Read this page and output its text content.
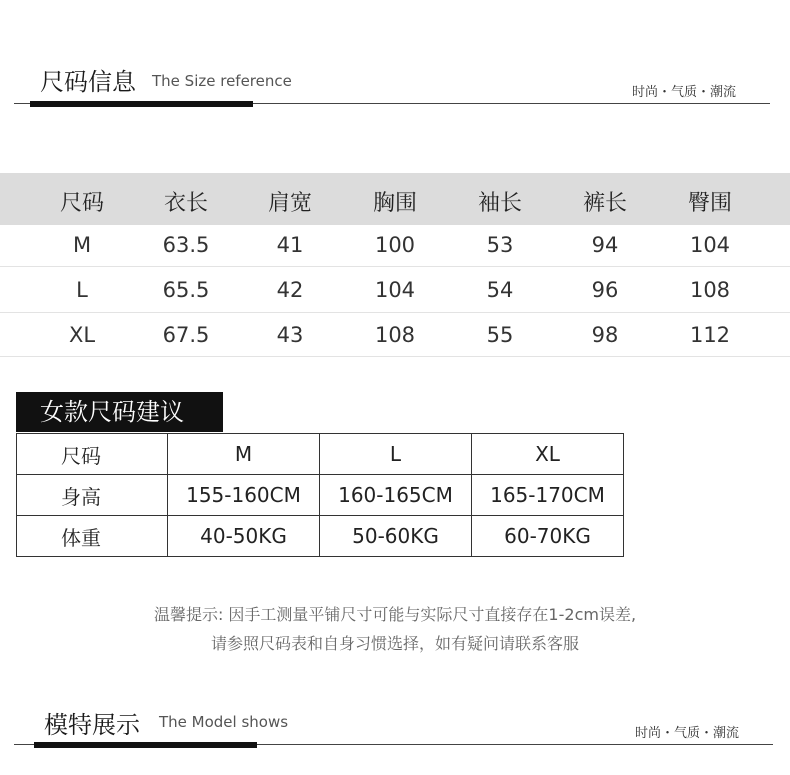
尺码信息 The Size reference
时尚・气质・潮流
尺码	衣长	肩宽	胸围	袖长	裤长	臀围
M	63.5	41	100	53	94	104
L	65.5	42	104	54	96	108
XL	67.5	43	108	55	98	112
女款尺码建议
尺码	M	L	XL
身高	155-160CM	160-165CM	165-170CM
体重	40-50KG	50-60KG	60-70KG
温馨提示: 因手工测量平铺尺寸可能与实际尺寸直接存在1-2cm误差,
请参照尺码表和自身习惯选择，如有疑问请联系客服
模特展示 The Model shows
时尚・气质・潮流
